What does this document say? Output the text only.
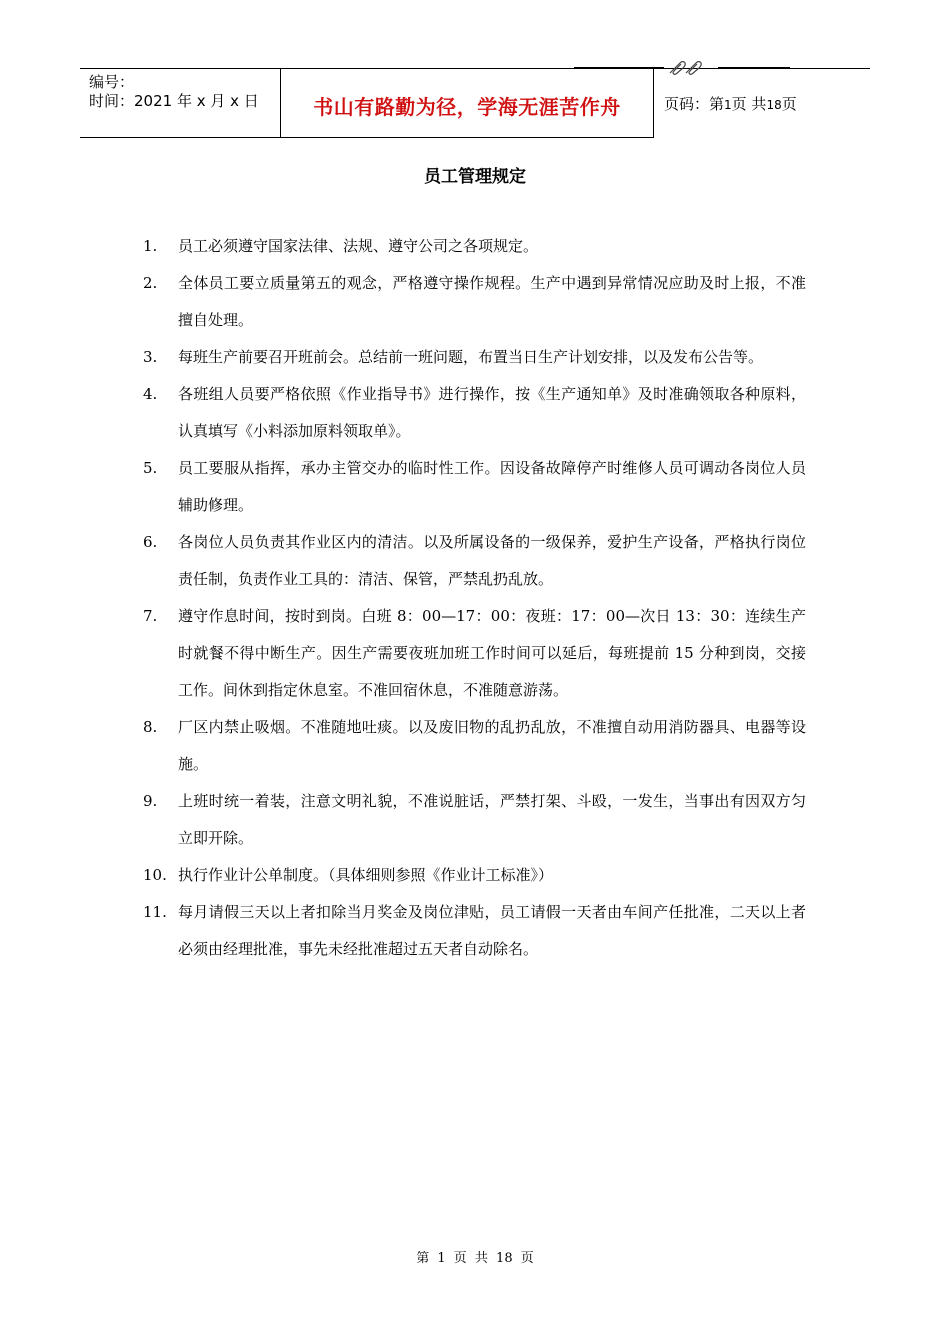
编号：
时间：2021 年 x 月 x 日	书山有路勤为径，学海无涯苦作舟	页码：第1页 共18页
员工管理规定
1. 员工必须遵守国家法律、法规、遵守公司之各项规定。
2. 全体员工要立质量第五的观念，严格遵守操作规程。生产中遇到异常情况应助及时上报，不准擅自处理。
3. 每班生产前要召开班前会。总结前一班问题，布置当日生产计划安排，以及发布公告等。
4. 各班组人员要严格依照《作业指导书》进行操作，按《生产通知单》及时准确领取各种原料，认真填写《小料添加原料领取单》。
5. 员工要服从指挥，承办主管交办的临时性工作。因设备故障停产时维修人员可调动各岗位人员辅助修理。
6. 各岗位人员负责其作业区内的清洁。以及所属设备的一级保养，爱护生产设备，严格执行岗位责任制，负责作业工具的：清洁、保管，严禁乱扔乱放。
7. 遵守作息时间，按时到岗。白班 8：00—17：00：夜班：17：00—次日 13：30：连续生产时就餐不得中断生产。因生产需要夜班加班工作时间可以延后，每班提前 15 分种到岗，交接工作。间休到指定休息室。不准回宿休息，不准随意游荡。
8. 厂区内禁止吸烟。不准随地吐痰。以及废旧物的乱扔乱放，不准擅自动用消防器具、电器等设施。
9. 上班时统一着装，注意文明礼貌，不准说脏话，严禁打架、斗殴，一发生，当事出有因双方匀立即开除。
10. 执行作业计公单制度。（具体细则参照《作业计工标准》）
11. 每月请假三天以上者扣除当月奖金及岗位津贴，员工请假一天者由车间产任批准，二天以上者必须由经理批准，事先未经批准超过五天者自动除名。
第 1 页 共 18 页
